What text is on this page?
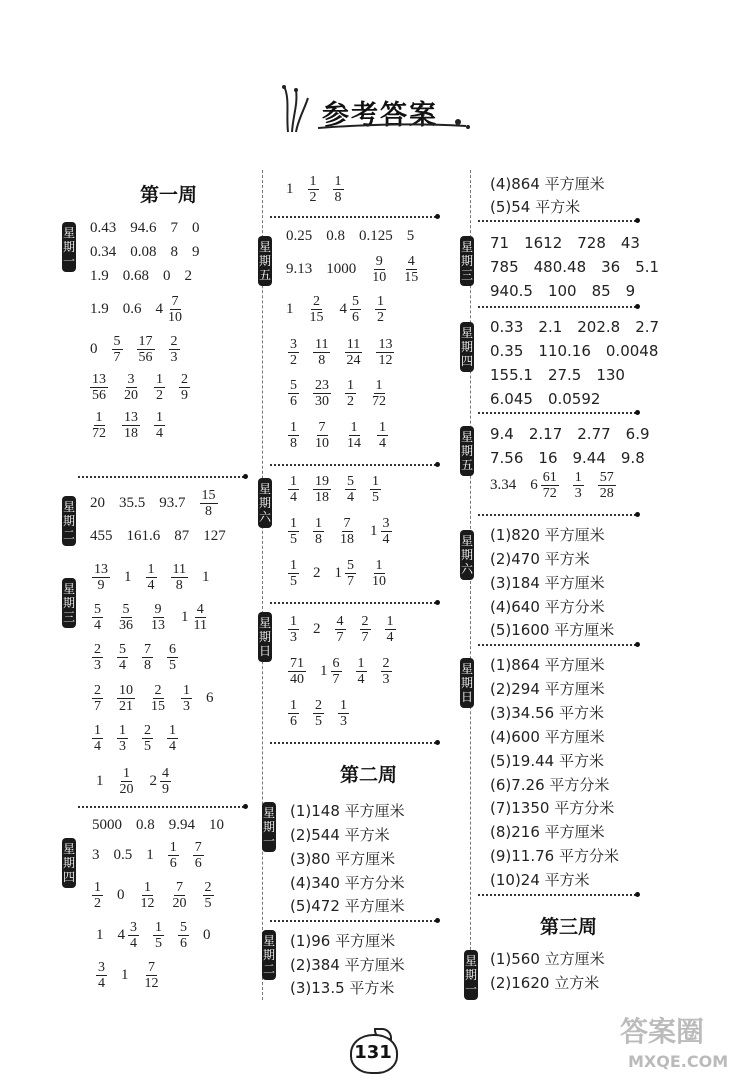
参考答案
第一周
星
期
一
0.43 94.6 7 0
0.34 0.08 8 9
1.9 0.68 0 2
1.9 0.6 $4 \frac{7}{10}$
$0 \frac{5}{7} \frac{17}{56} \frac{2}{3}$
$\frac{13}{56} \frac{3}{20} \frac{1}{2} \frac{2}{9}$
$\frac{1}{72} \frac{13}{18} \frac{1}{4}$
星
期
二
20 35.5 $93.7 \frac{15}{8}$
455 161.6 87 127
星
期
三
$\frac{13}{9} 1 \frac{1}{4} \frac{11}{8} 1$
$\frac{5}{4} \frac{5}{36} \frac{9}{13} 1 \frac{4}{11}$
$\frac{2}{3} \frac{5}{4} \frac{7}{8} \frac{6}{5}$
$\frac{2}{7} \frac{10}{21} \frac{2}{15} \frac{1}{3} 6$
$\frac{1}{4} \frac{1}{3} \frac{2}{5} \frac{1}{4}$
$1 \frac{1}{20} 2 \frac{4}{9}$
星
期
四
5000 0.8 9.94 10
3 0.5 $1 \frac{1}{6} \frac{7}{6}$
$\frac{1}{2} 0 \frac{1}{12} \frac{7}{20} \frac{2}{5}$
1 $4 \frac{3}{4} \frac{1}{5} \frac{5}{6} 0$
$\frac{3}{4} 1 \frac{7}{12}$
$1 \frac{1}{2} \frac{1}{8}$
星
期
五
0.25 0.8 0.125 5
9.13 $1000 \frac{9}{10} \frac{4}{15}$
$1 \frac{2}{15} 4 \frac{5}{6} \frac{1}{2}$
$\frac{3}{2} \frac{11}{8} \frac{11}{24} \frac{13}{12}$
$\frac{5}{6} \frac{23}{30} \frac{1}{2} \frac{1}{72}$
$\frac{1}{8} \frac{7}{10} \frac{1}{14} \frac{1}{4}$
星
期
六
$\frac{1}{4} \frac{19}{18} \frac{5}{4} \frac{1}{5}$
$\frac{1}{5} \frac{1}{8} \frac{7}{18} 1 \frac{3}{4}$
$\frac{1}{5} 2$ $1 \frac{5}{7} \frac{1}{10}$
星
期
日
$\frac{1}{3} 2 \frac{4}{7} \frac{2}{7} \frac{1}{4}$
$\frac{71}{40} 1 \frac{6}{7} \frac{1}{4} \frac{2}{3}$
$\frac{1}{6} \frac{2}{5} \frac{1}{3}$
第二周
星
期
一
(1)148 平方厘米
(2)544 平方米
(3)80 平方厘米
(4)340 平方分米
(5)472 平方厘米
星
期
二
(1)96 平方厘米
(2)384 平方厘米
(3)13.5 平方米
(4)864 平方厘米
(5)54 平方米
星
期
三
71　1612　728　43
785　480.48　36　5.1
940.5　100　85　9
星
期
四
0.33　2.1　202.8　2.7
0.35　110.16　0.0048
155.1　27.5　130
6.045　0.0592
星
期
五
9.4　2.17　2.77　6.9
7.56　16　9.44　9.8
3.34 $6 \frac{61}{72} \frac{1}{3} \frac{57}{28}$
星
期
六
(1)820 平方厘米
(2)470 平方米
(3)184 平方厘米
(4)640 平方分米
(5)1600 平方厘米
星
期
日
(1)864 平方厘米
(2)294 平方厘米
(3)34.56 平方米
(4)600 平方厘米
(5)19.44 平方米
(6)7.26 平方分米
(7)1350 平方分米
(8)216 平方厘米
(9)11.76 平方分米
(10)24 平方米
第三周
星
期
一
(1)560 立方厘米
(2)1620 立方米
131
答案圈
MXQE.COM
